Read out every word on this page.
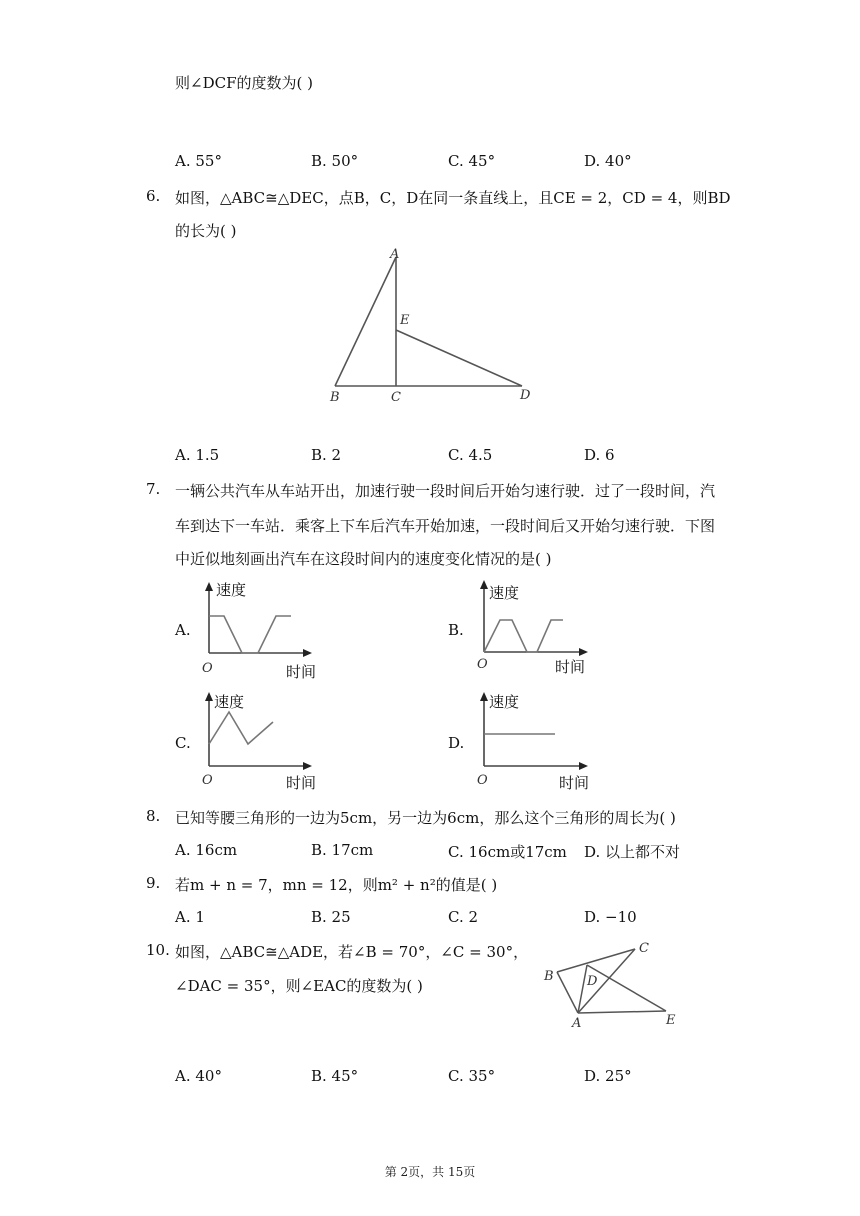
则∠DCF的度数为( )
A. 55°	B. 50°	C. 45°	D. 40°
6. 如图，△ABC≅△DEC，点B，C，D在同一条直线上，且CE = 2，CD = 4，则BD
的长为( )
A
E
B	C	D
A. 1.5	B. 2	C. 4.5	D. 6
7. 一辆公共汽车从车站开出，加速行驶一段时间后开始匀速行驶．过了一段时间，汽
车到达下一车站．乘客上下车后汽车开始加速，一段时间后又开始匀速行驶．下图
中近似地刻画出汽车在这段时间内的速度变化情况的是( )
A.
速度
时间
O
B.
速度
时间
O
C.
速度
时间
O
D.
速度
时间
O
8. 已知等腰三角形的一边为5cm，另一边为6cm，那么这个三角形的周长为( )
A. 16cm	B. 17cm	C. 16cm或17cm D. 以上都不对
9. 若m + n = 7，mn = 12，则m² + n²的值是( )
A. 1	B. 25	C. 2	D. −10
10. 如图，△ABC≅△ADE，若∠B = 70°，∠C = 30°，
∠DAC = 35°，则∠EAC的度数为( )
C
B	D
A	E
A. 40°	B. 45°	C. 35°	D. 25°
第 2页，共 15页
